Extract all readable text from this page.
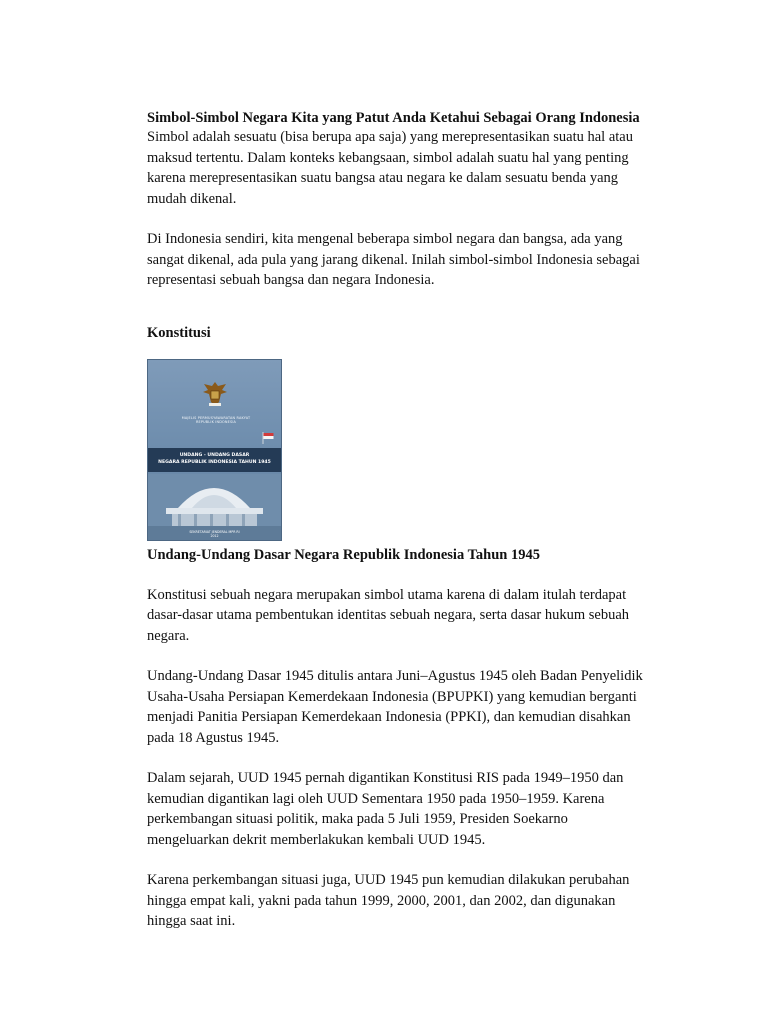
Simbol-Simbol Negara Kita yang Patut Anda Ketahui Sebagai Orang Indonesia

Simbol adalah sesuatu (bisa berupa apa saja) yang merepresentasikan suatu hal atau maksud tertentu. Dalam konteks kebangsaan, simbol adalah suatu hal yang penting karena merepresentasikan suatu bangsa atau negara ke dalam sesuatu benda yang mudah dikenal.

Di Indonesia sendiri, kita mengenal beberapa simbol negara dan bangsa, ada yang sangat dikenal, ada pula yang jarang dikenal. Inilah simbol-simbol Indonesia sebagai representasi sebuah bangsa dan negara Indonesia.

Konstitusi

MAJELIS PERMUSYAWARATAN RAKYAT
REPUBLIK INDONESIA
UNDANG - UNDANG DASAR
NEGARA REPUBLIK INDONESIA TAHUN 1945
SEKRETARIAT JENDERAL MPR RI
2012

Undang-Undang Dasar Negara Republik Indonesia Tahun 1945

Konstitusi sebuah negara merupakan simbol utama karena di dalam itulah terdapat dasar-dasar utama pembentukan identitas sebuah negara, serta dasar hukum sebuah negara.

Undang-Undang Dasar 1945 ditulis antara Juni–Agustus 1945 oleh Badan Penyelidik Usaha-Usaha Persiapan Kemerdekaan Indonesia (BPUPKI) yang kemudian berganti menjadi Panitia Persiapan Kemerdekaan Indonesia (PPKI), dan kemudian disahkan pada 18 Agustus 1945.

Dalam sejarah, UUD 1945 pernah digantikan Konstitusi RIS pada 1949–1950 dan kemudian digantikan lagi oleh UUD Sementara 1950 pada 1950–1959. Karena perkembangan situasi politik, maka pada 5 Juli 1959, Presiden Soekarno mengeluarkan dekrit memberlakukan kembali UUD 1945.

Karena perkembangan situasi juga, UUD 1945 pun kemudian dilakukan perubahan hingga empat kali, yakni pada tahun 1999, 2000, 2001, dan 2002, dan digunakan hingga saat ini.
